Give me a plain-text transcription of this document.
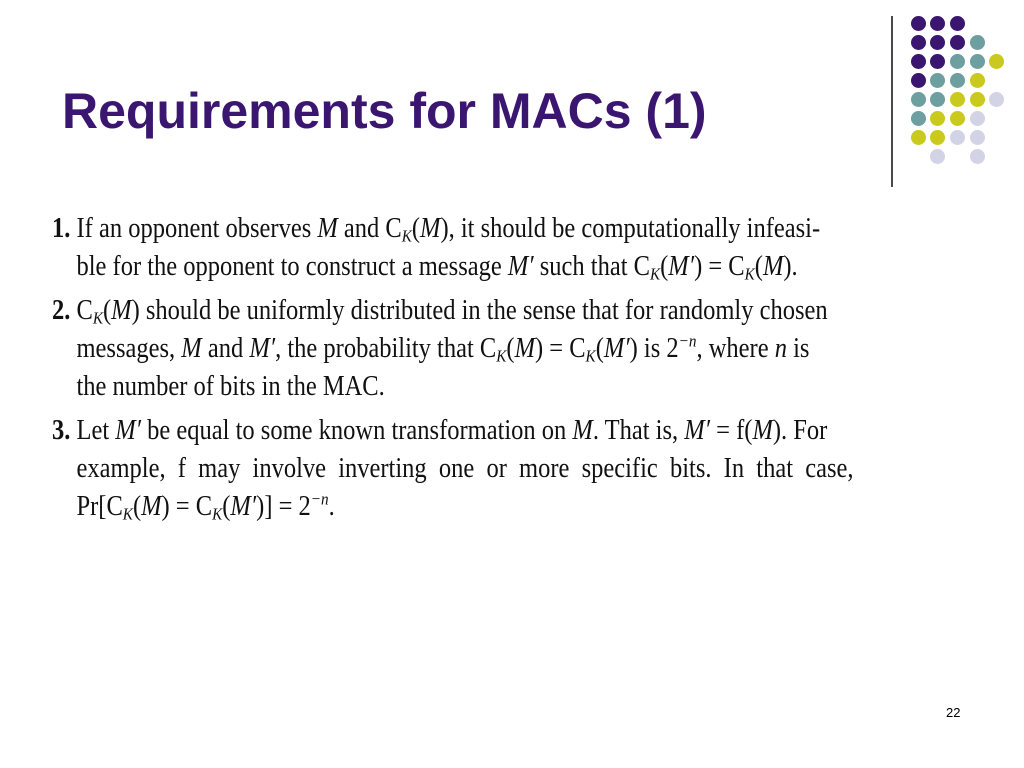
Requirements for MACs (1)
1. If an opponent observes M and $C_K(M)$, it should be computationally infeasi-
ble for the opponent to construct a message M′ such that $C_K(M') = C_K(M)$.
2. $C_K(M)$ should be uniformly distributed in the sense that for randomly chosen
messages, M and M′, the probability that $C_K(M) = C_K(M')$ is $2^{-n}$, where n is
the number of bits in the MAC.
3. Let M′ be equal to some known transformation on M. That is, M′ = f(M). For
example, f may involve inverting one or more specific bits. In that case,
$Pr[C_K(M) = C_K(M')] = 2^{-n}$.
22
